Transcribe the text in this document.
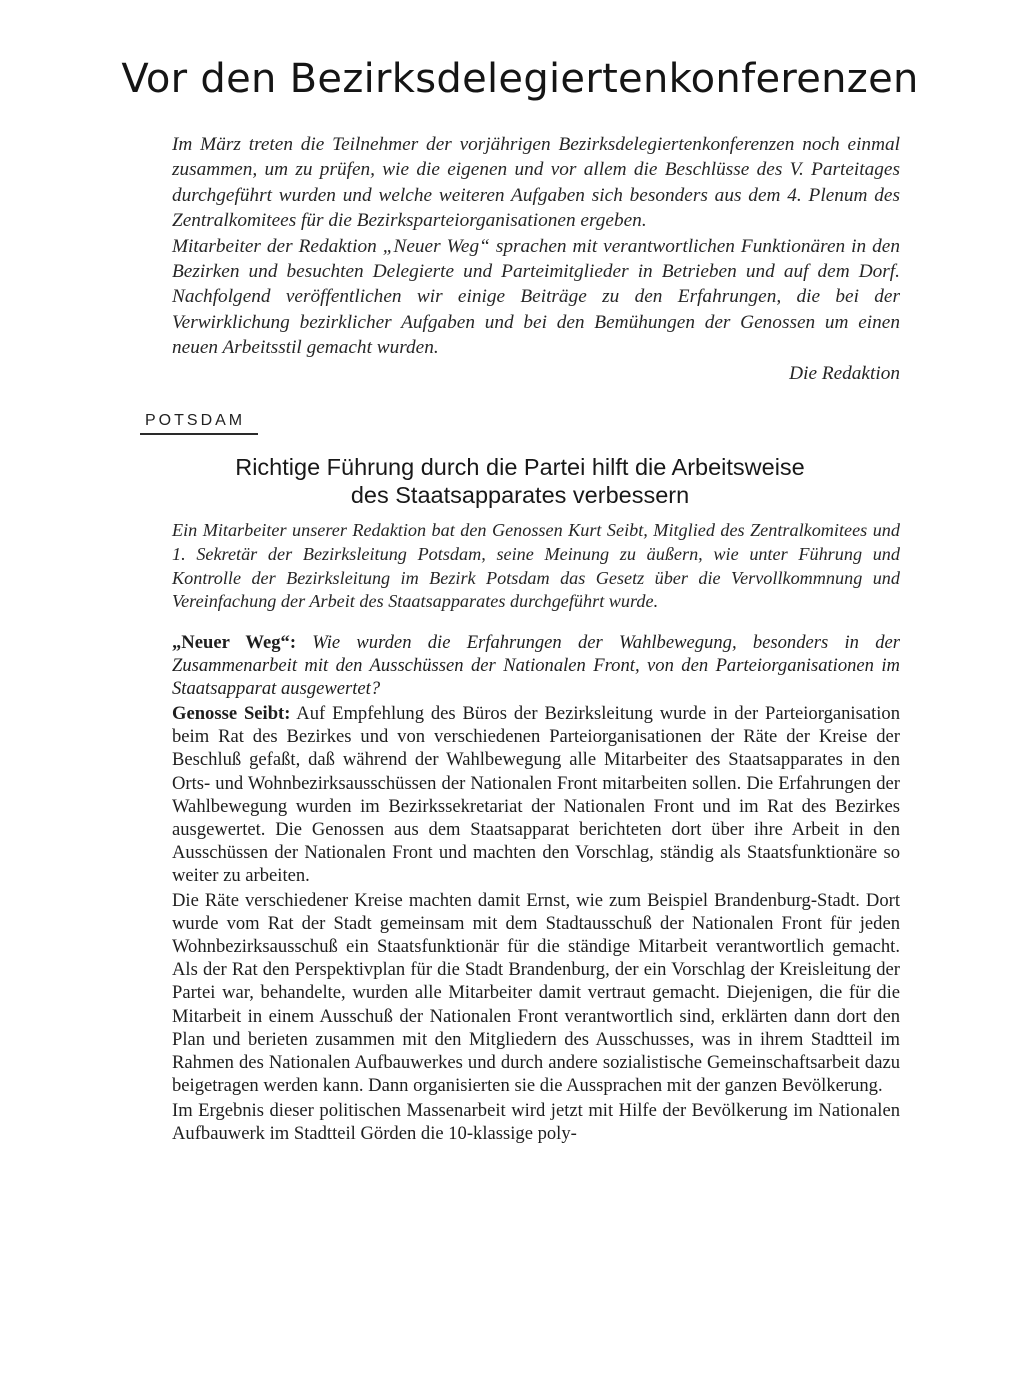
Vor den Bezirksdelegiertenkonferenzen

Im März treten die Teilnehmer der vorjährigen Bezirksdelegiertenkonferenzen noch einmal zusammen, um zu prüfen, wie die eigenen und vor allem die Beschlüsse des V. Parteitages durchgeführt wurden und welche weiteren Aufgaben sich besonders aus dem 4. Plenum des Zentralkomitees für die Bezirksparteiorganisationen ergeben.

Mitarbeiter der Redaktion „Neuer Weg“ sprachen mit verantwortlichen Funktionären in den Bezirken und besuchten Delegierte und Parteimitglieder in Betrieben und auf dem Dorf. Nachfolgend veröffentlichen wir einige Beiträge zu den Erfahrungen, die bei der Verwirklichung bezirklicher Aufgaben und bei den Bemühungen der Genossen um einen neuen Arbeitsstil gemacht wurden.

Die Redaktion

POTSDAM
Richtige Führung durch die Partei hilft die Arbeitsweise
des Staatsapparates verbessern

Ein Mitarbeiter unserer Redaktion bat den Genossen Kurt Seibt, Mitglied des Zentralkomitees und 1. Sekretär der Bezirksleitung Potsdam, seine Meinung zu äußern, wie unter Führung und Kontrolle der Bezirksleitung im Bezirk Potsdam das Gesetz über die Vervollkommnung und Vereinfachung der Arbeit des Staatsapparates durchgeführt wurde.

„Neuer Weg“: Wie wurden die Erfahrungen der Wahlbewegung, besonders in der Zusammenarbeit mit den Ausschüssen der Nationalen Front, von den Parteiorganisationen im Staatsapparat ausgewertet?

Genosse Seibt: Auf Empfehlung des Büros der Bezirksleitung wurde in der Parteiorganisation beim Rat des Bezirkes und von verschiedenen Parteiorganisationen der Räte der Kreise der Beschluß gefaßt, daß während der Wahlbewegung alle Mitarbeiter des Staatsapparates in den Orts- und Wohnbezirksausschüssen der Nationalen Front mitarbeiten sollen. Die Erfahrungen der Wahlbewegung wurden im Bezirkssekretariat der Nationalen Front und im Rat des Bezirkes ausgewertet. Die Genossen aus dem Staatsapparat berichteten dort über ihre Arbeit in den Ausschüssen der Nationalen Front und machten den Vorschlag, ständig als Staatsfunktionäre so weiter zu arbeiten.

Die Räte verschiedener Kreise machten damit Ernst, wie zum Beispiel Brandenburg-Stadt. Dort wurde vom Rat der Stadt gemeinsam mit dem Stadtausschuß der Nationalen Front für jeden Wohnbezirksausschuß ein Staatsfunktionär für die ständige Mitarbeit verantwortlich gemacht. Als der Rat den Perspektivplan für die Stadt Brandenburg, der ein Vorschlag der Kreisleitung der Partei war, behandelte, wurden alle Mitarbeiter damit vertraut gemacht. Diejenigen, die für die Mitarbeit in einem Ausschuß der Nationalen Front verantwortlich sind, erklärten dann dort den Plan und berieten zusammen mit den Mitgliedern des Ausschusses, was in ihrem Stadtteil im Rahmen des Nationalen Aufbauwerkes und durch andere sozialistische Gemeinschaftsarbeit dazu beigetragen werden kann. Dann organisierten sie die Aussprachen mit der ganzen Bevölkerung.

Im Ergebnis dieser politischen Massenarbeit wird jetzt mit Hilfe der Bevölkerung im Nationalen Aufbauwerk im Stadtteil Görden die 10-klassige poly-
